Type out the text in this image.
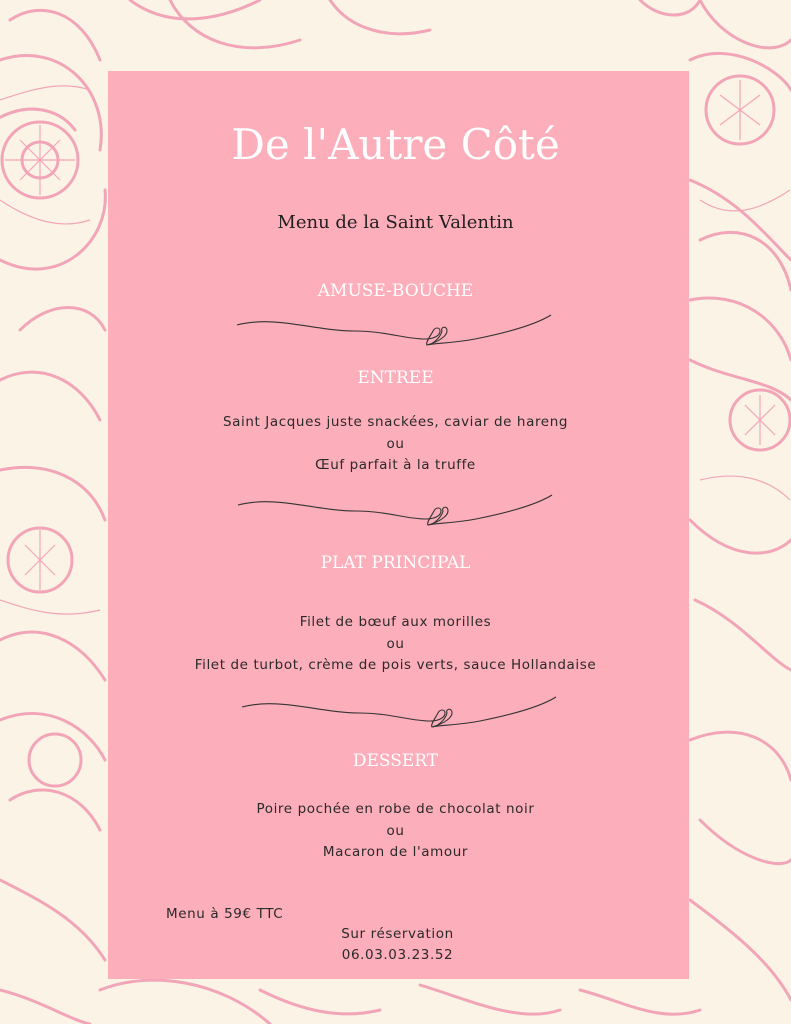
De l'Autre Côté
Menu de la Saint Valentin
AMUSE-BOUCHE
ENTREE
Saint Jacques juste snackées, caviar de hareng
ou
Œuf parfait à la truffe
PLAT PRINCIPAL
Filet de bœuf aux morilles
ou
Filet de turbot, crème de pois verts, sauce Hollandaise
DESSERT
Poire pochée en robe de chocolat noir
ou
Macaron de l'amour
Menu à 59€ TTC
Sur réservation
06.03.03.23.52
